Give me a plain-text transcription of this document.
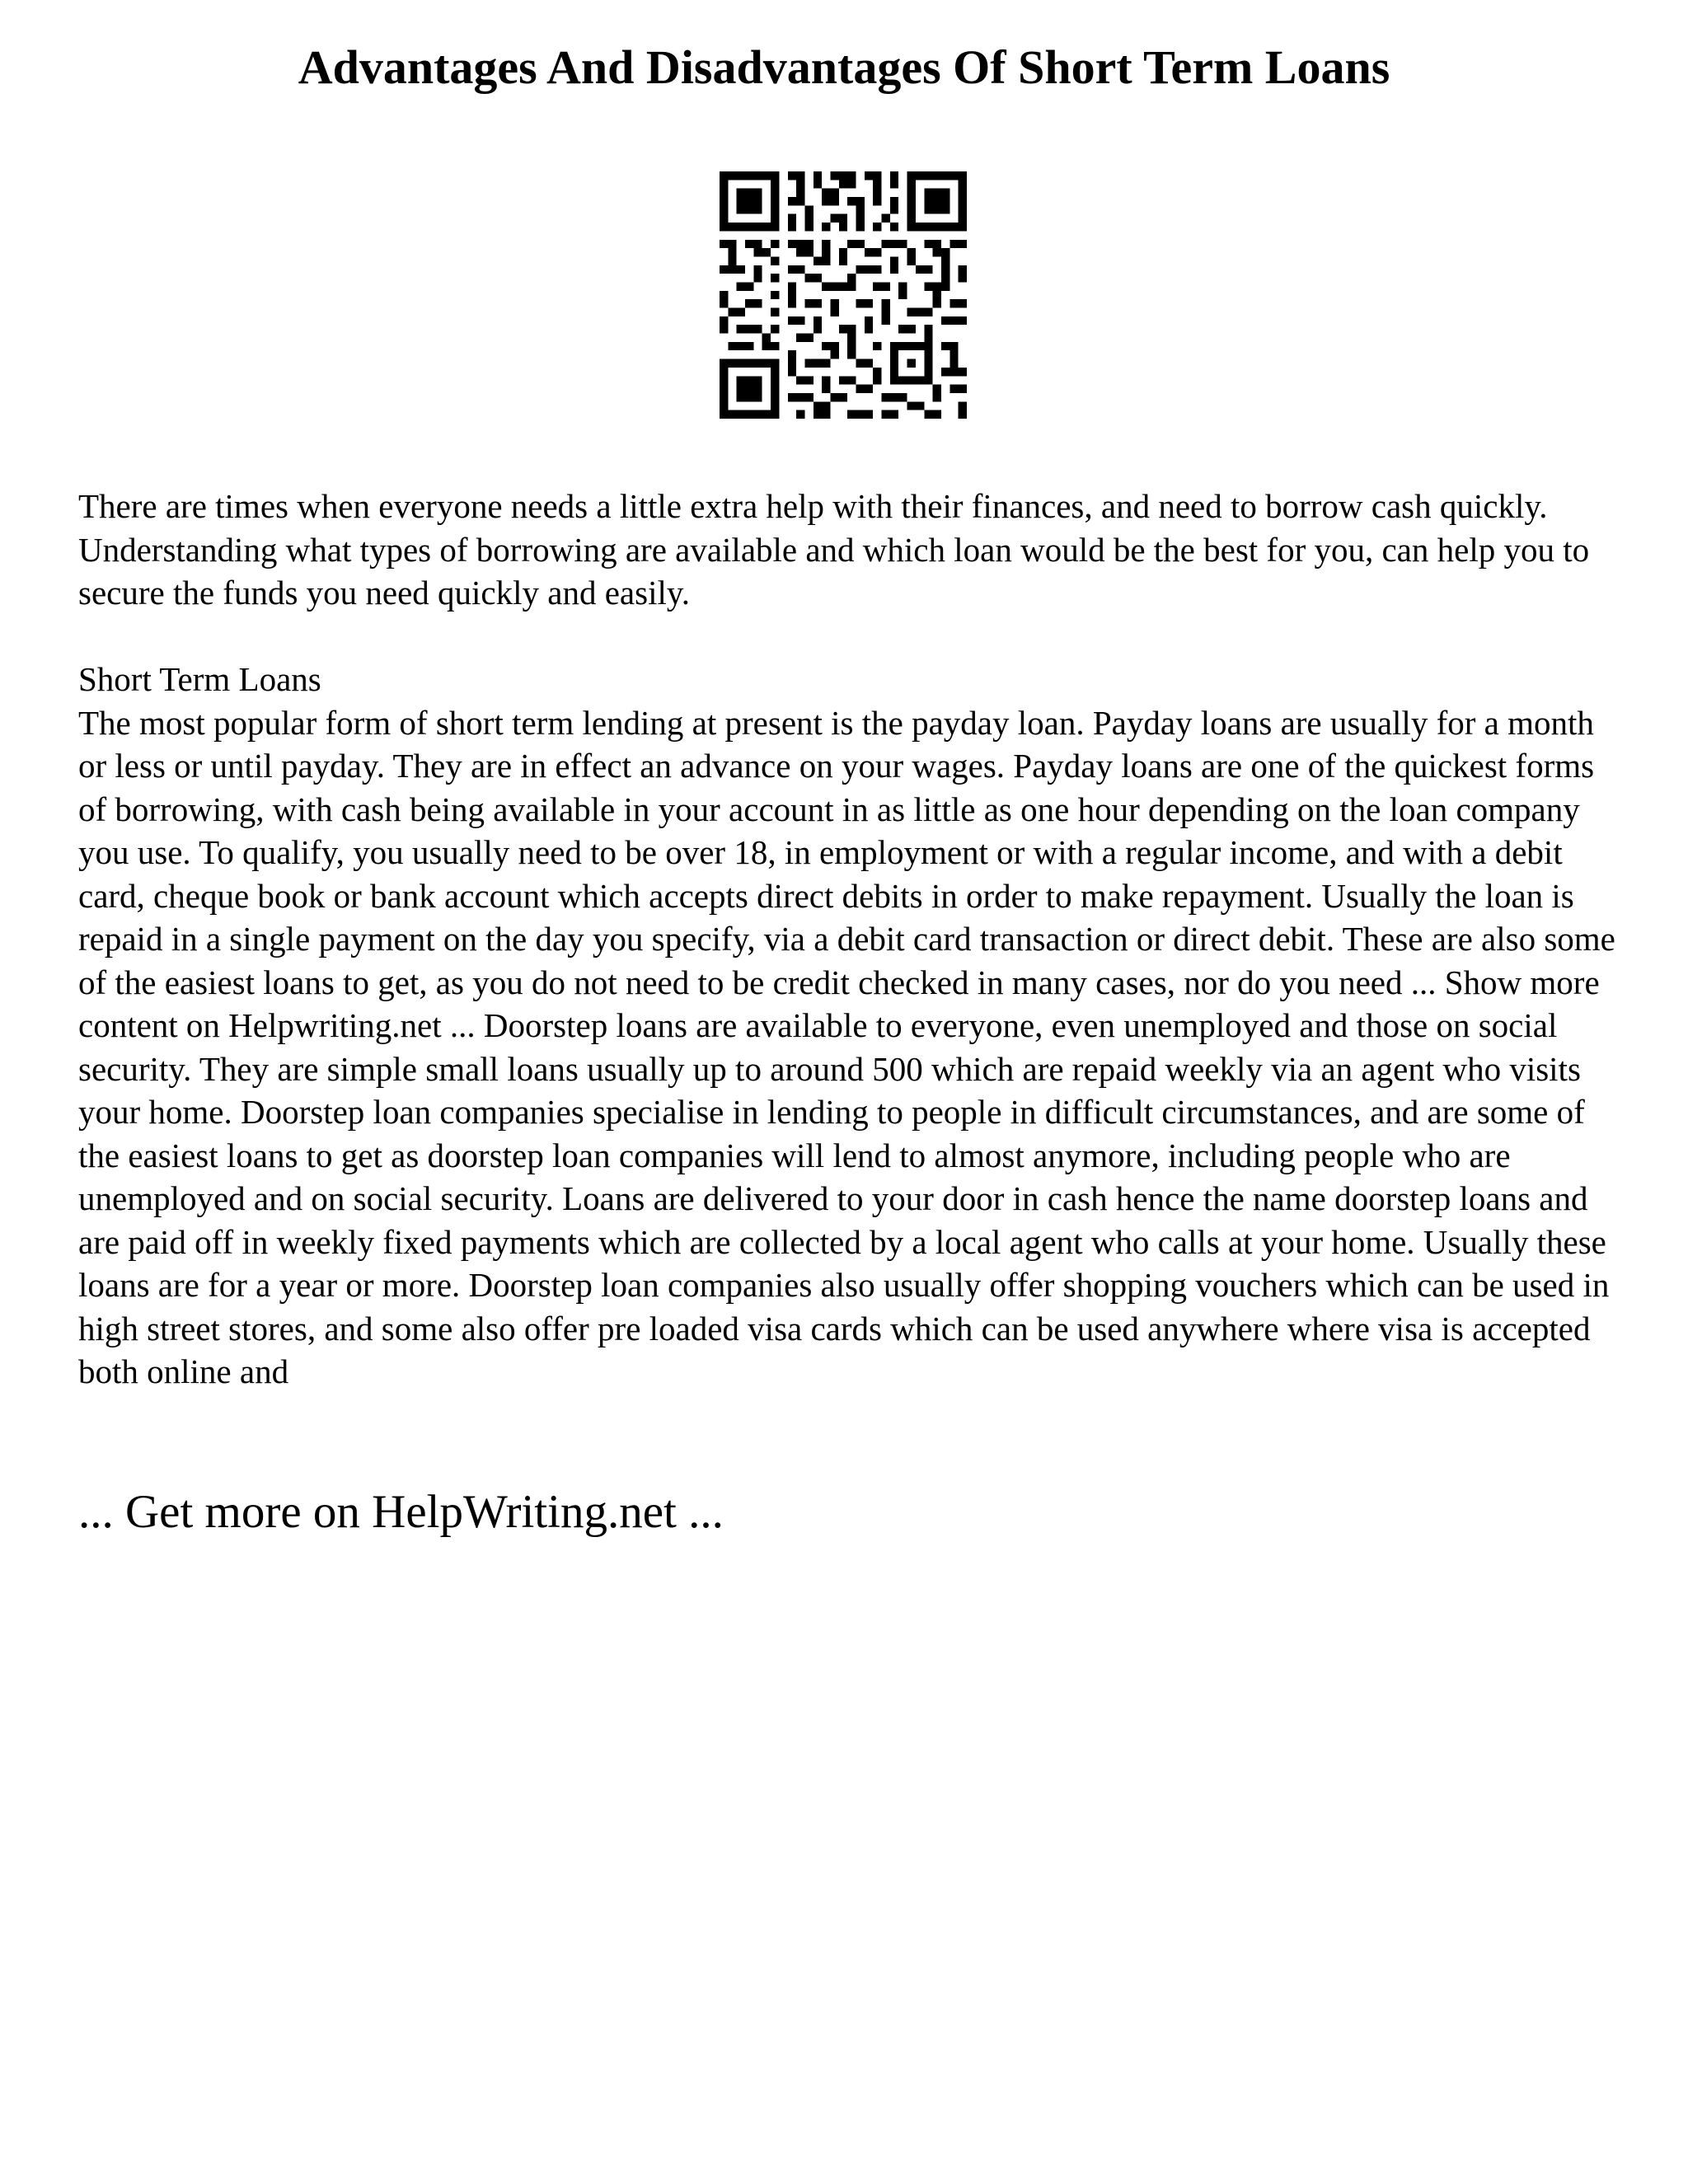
Advantages And Disadvantages Of Short Term Loans

There are times when everyone needs a little extra help with their finances, and need to borrow cash quickly. Understanding what types of borrowing are available and which loan would be the best for you, can help you to secure the funds you need quickly and easily.

Short Term Loans
The most popular form of short term lending at present is the payday loan. Payday loans are usually for a month or less or until payday. They are in effect an advance on your wages. Payday loans are one of the quickest forms of borrowing, with cash being available in your account in as little as one hour depending on the loan company you use. To qualify, you usually need to be over 18, in employment or with a regular income, and with a debit card, cheque book or bank account which accepts direct debits in order to make repayment. Usually the loan is repaid in a single payment on the day you specify, via a debit card transaction or direct debit. These are also some of the easiest loans to get, as you do not need to be credit checked in many cases, nor do you need ... Show more content on Helpwriting.net ... Doorstep loans are available to everyone, even unemployed and those on social security. They are simple small loans usually up to around 500 which are repaid weekly via an agent who visits your home. Doorstep loan companies specialise in lending to people in difficult circumstances, and are some of the easiest loans to get as doorstep loan companies will lend to almost anymore, including people who are unemployed and on social security. Loans are delivered to your door in cash hence the name doorstep loans and are paid off in weekly fixed payments which are collected by a local agent who calls at your home. Usually these loans are for a year or more. Doorstep loan companies also usually offer shopping vouchers which can be used in high street stores, and some also offer pre loaded visa cards which can be used anywhere where visa is accepted both online and

... Get more on HelpWriting.net ...
